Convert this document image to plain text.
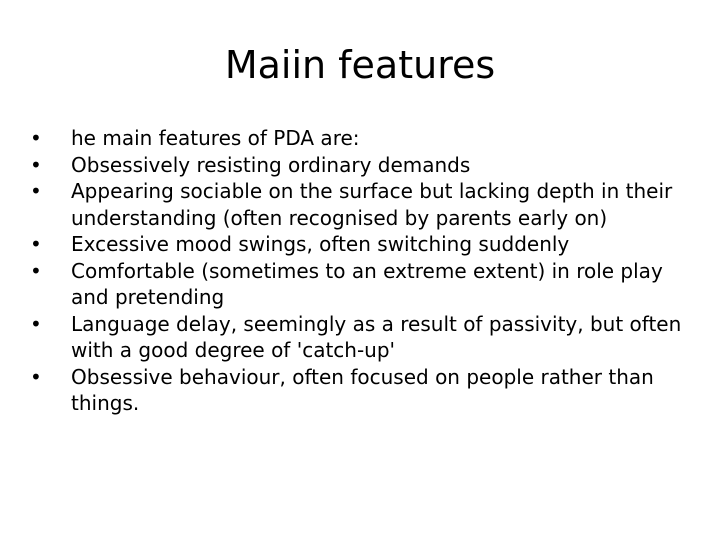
Maiin features
•	he main features of PDA are:
•	Obsessively resisting ordinary demands
•	Appearing sociable on the surface but lacking depth in their understanding (often recognised by parents early on)
•	Excessive mood swings, often switching suddenly
•	Comfortable (sometimes to an extreme extent) in role play and pretending
•	Language delay, seemingly as a result of passivity, but often with a good degree of 'catch-up'
•	Obsessive behaviour, often focused on people rather than things.
